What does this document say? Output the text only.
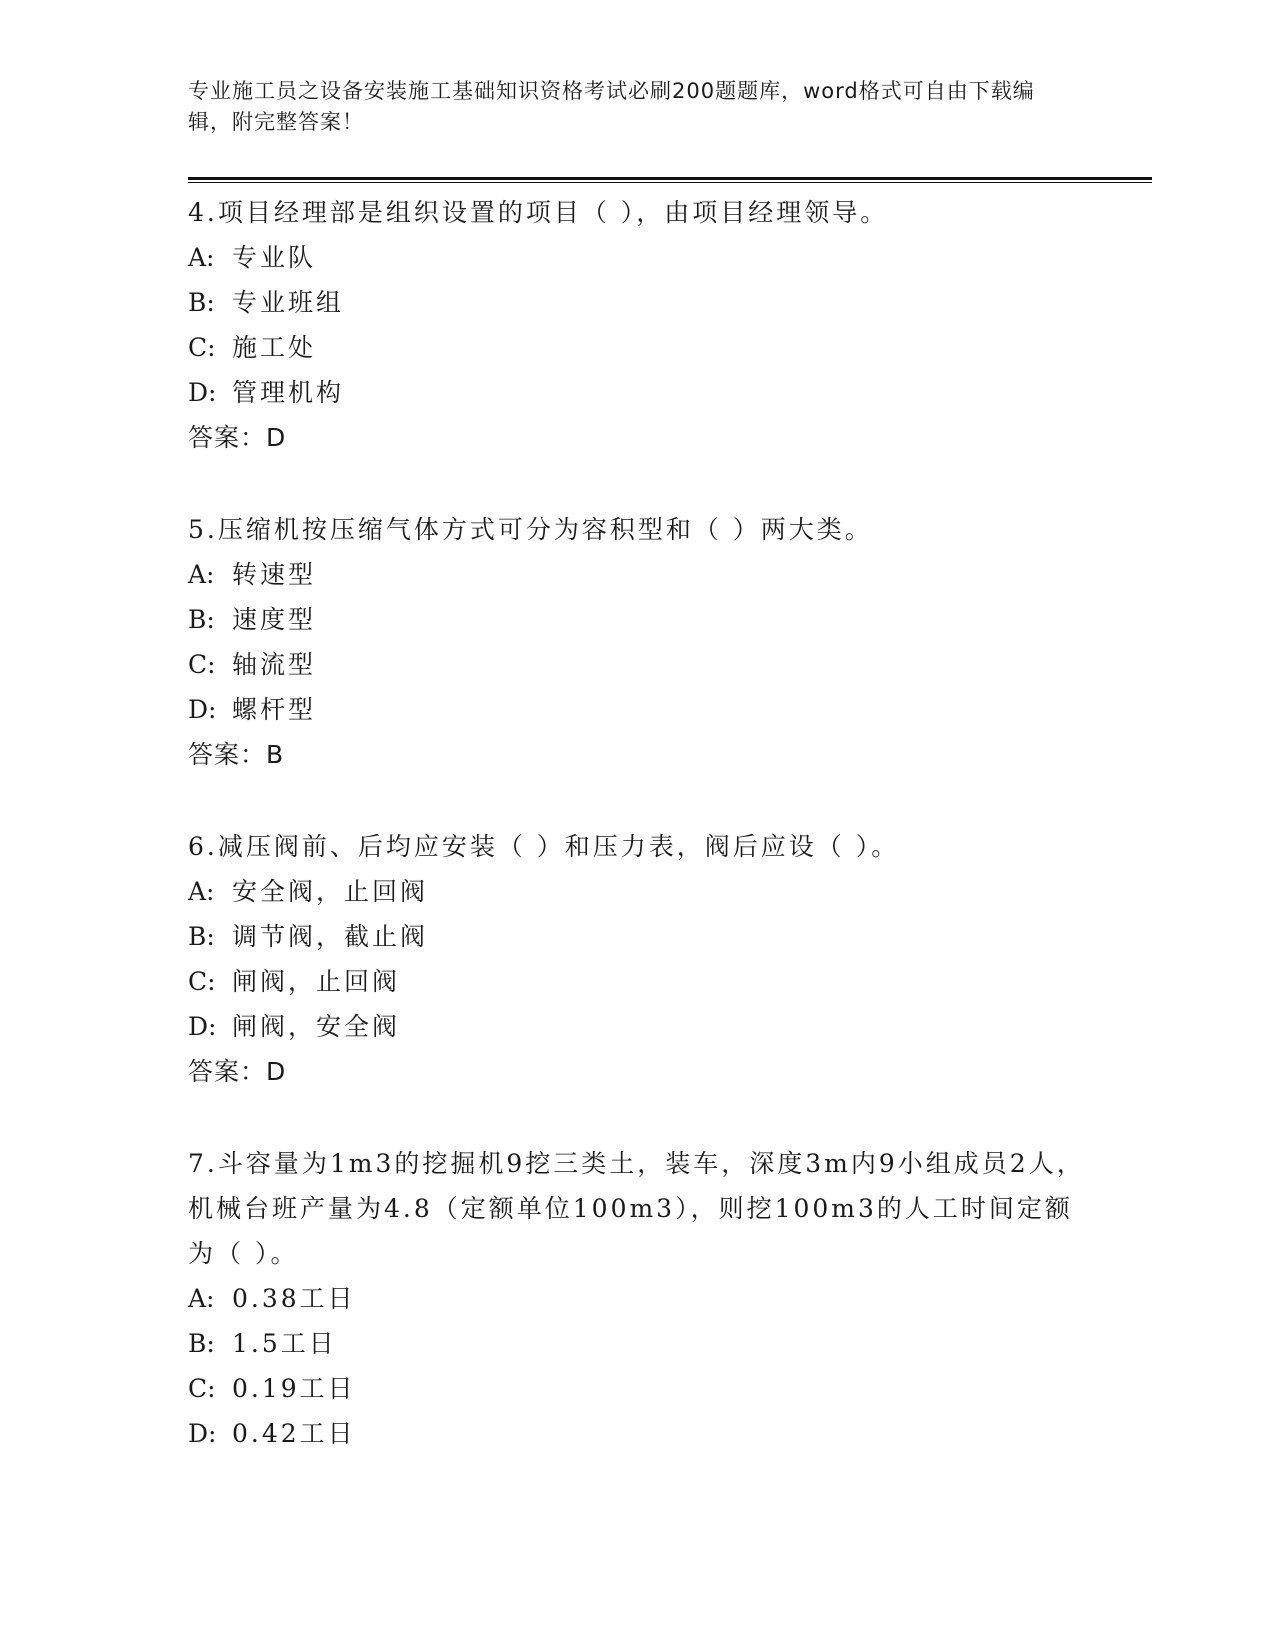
专业施工员之设备安装施工基础知识资格考试必刷200题题库，word格式可自由下载编辑，附完整答案！

4.项目经理部是组织设置的项目（ ），由项目经理领导。

A: 专业队

B: 专业班组

C: 施工处

D: 管理机构

答案：D

5.压缩机按压缩气体方式可分为容积型和（ ）两大类。

A: 转速型

B: 速度型

C: 轴流型

D: 螺杆型

答案：B

6.减压阀前、后均应安装（ ）和压力表，阀后应设（ ）。

A: 安全阀，止回阀

B: 调节阀，截止阀

C: 闸阀，止回阀

D: 闸阀，安全阀

答案：D

7.斗容量为1m3的挖掘机9挖三类土，装车，深度3m内9小组成员2人，机械台班产量为4.8（定额单位100m3），则挖100m3的人工时间定额为（ ）。

A: 0.38工日

B: 1.5工日

C: 0.19工日

D: 0.42工日
